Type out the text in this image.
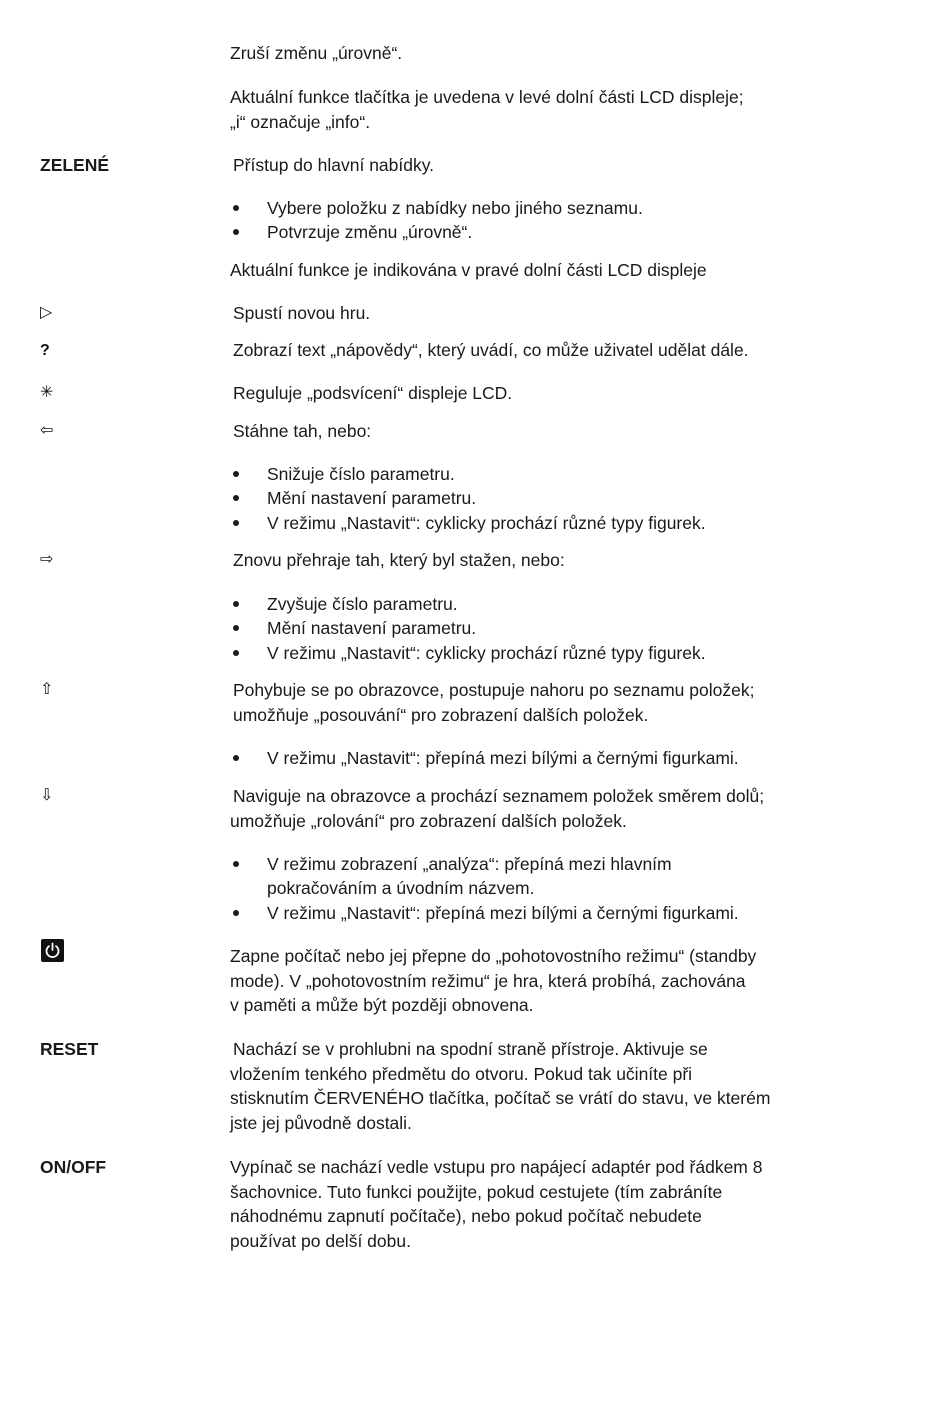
Zruší změnu „úrovně“.

Aktuální funkce tlačítka je uvedena v levé dolní části LCD displeje;
„i“ označuje „info“.

ZELENÉ	Přístup do hlavní nabídky.

Vybere položku z nabídky nebo jiného seznamu.
Potvrzuje změnu „úrovně“.

Aktuální funkce je indikována v pravé dolní části LCD displeje

▷	Spustí novou hru.

?	Zobrazí text „nápovědy“, který uvádí, co může uživatel udělat dále.

✳	Reguluje „podsvícení“ displeje LCD.

⇦	Stáhne tah, nebo:

Snižuje číslo parametru.
Mění nastavení parametru.
V režimu „Nastavit“: cyklicky prochází různé typy figurek.
⇨	Znovu přehraje tah, který byl stažen, nebo:

Zvyšuje číslo parametru.
Mění nastavení parametru.
V režimu „Nastavit“: cyklicky prochází různé typy figurek.
⇧	Pohybuje se po obrazovce, postupuje nahoru po seznamu položek;
umožňuje „posouvání“ pro zobrazení dalších položek.

V režimu „Nastavit“: přepíná mezi bílými a černými figurkami.
⇩	Naviguje na obrazovce a prochází seznamem položek směrem dolů;
umožňuje „rolování“ pro zobrazení dalších položek.

V režimu zobrazení „analýza“: přepíná mezi hlavním
pokračováním a úvodním názvem.
V režimu „Nastavit“: přepíná mezi bílými a černými figurkami.

Zapne počítač nebo jej přepne do „pohotovostního režimu“ (standby
mode). V „pohotovostním režimu“ je hra, která probíhá, zachována
v paměti a může být později obnovena.

RESET	Nachází se v prohlubni na spodní straně přístroje. Aktivuje se
vložením tenkého předmětu do otvoru. Pokud tak učiníte při
stisknutím ČERVENÉHO tlačítka, počítač se vrátí do stavu, ve kterém
jste jej původně dostali.

ON/OFF	Vypínač se nachází vedle vstupu pro napájecí adaptér pod řádkem 8
šachovnice. Tuto funkci použijte, pokud cestujete (tím zabráníte
náhodnému zapnutí počítače), nebo pokud počítač nebudete
používat po delší dobu.
